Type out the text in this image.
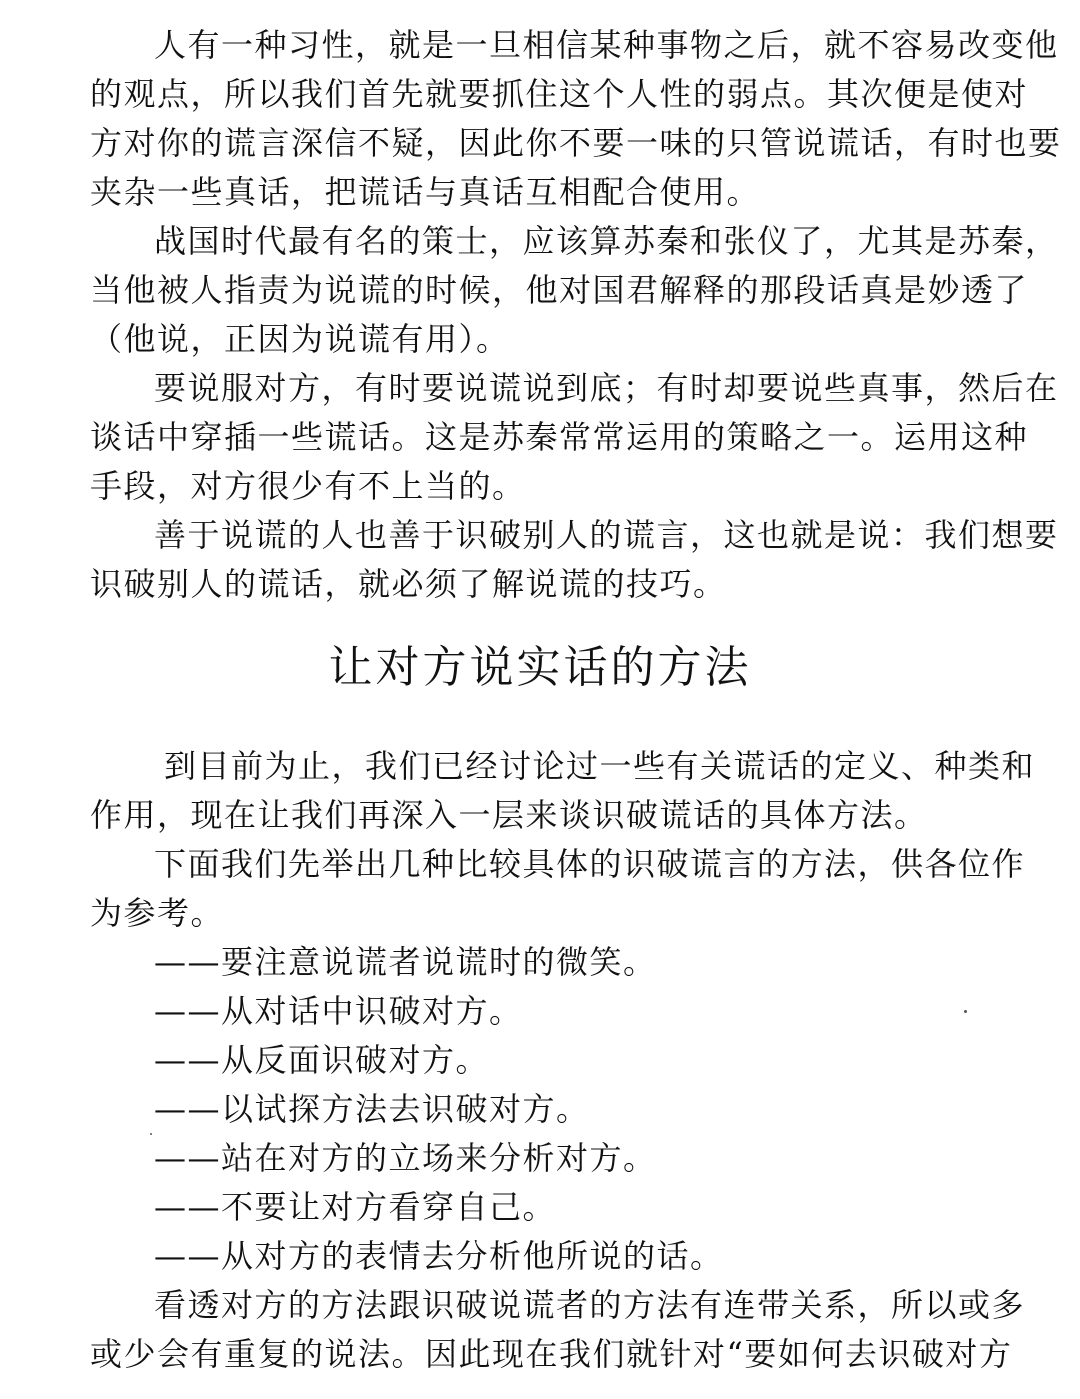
人有一种习性，就是一旦相信某种事物之后，就不容易改变他
的观点，所以我们首先就要抓住这个人性的弱点。其次便是使对
方对你的谎言深信不疑，因此你不要一味的只管说谎话，有时也要
夹杂一些真话，把谎话与真话互相配合使用。
战国时代最有名的策士，应该算苏秦和张仪了，尤其是苏秦，
当他被人指责为说谎的时候，他对国君解释的那段话真是妙透了
（他说，正因为说谎有用）。
要说服对方，有时要说谎说到底；有时却要说些真事，然后在
谈话中穿插一些谎话。这是苏秦常常运用的策略之一。运用这种
手段，对方很少有不上当的。
善于说谎的人也善于识破别人的谎言，这也就是说：我们想要
识破别人的谎话，就必须了解说谎的技巧。
让对方说实话的方法
到目前为止，我们已经讨论过一些有关谎话的定义、种类和
作用，现在让我们再深入一层来谈识破谎话的具体方法。
下面我们先举出几种比较具体的识破谎言的方法，供各位作
为参考。
——要注意说谎者说谎时的微笑。
——从对话中识破对方。
——从反面识破对方。
——以试探方法去识破对方。
——站在对方的立场来分析对方。
——不要让对方看穿自己。
——从对方的表情去分析他所说的话。
看透对方的方法跟识破说谎者的方法有连带关系，所以或多
或少会有重复的说法。因此现在我们就针对“要如何去识破对方
